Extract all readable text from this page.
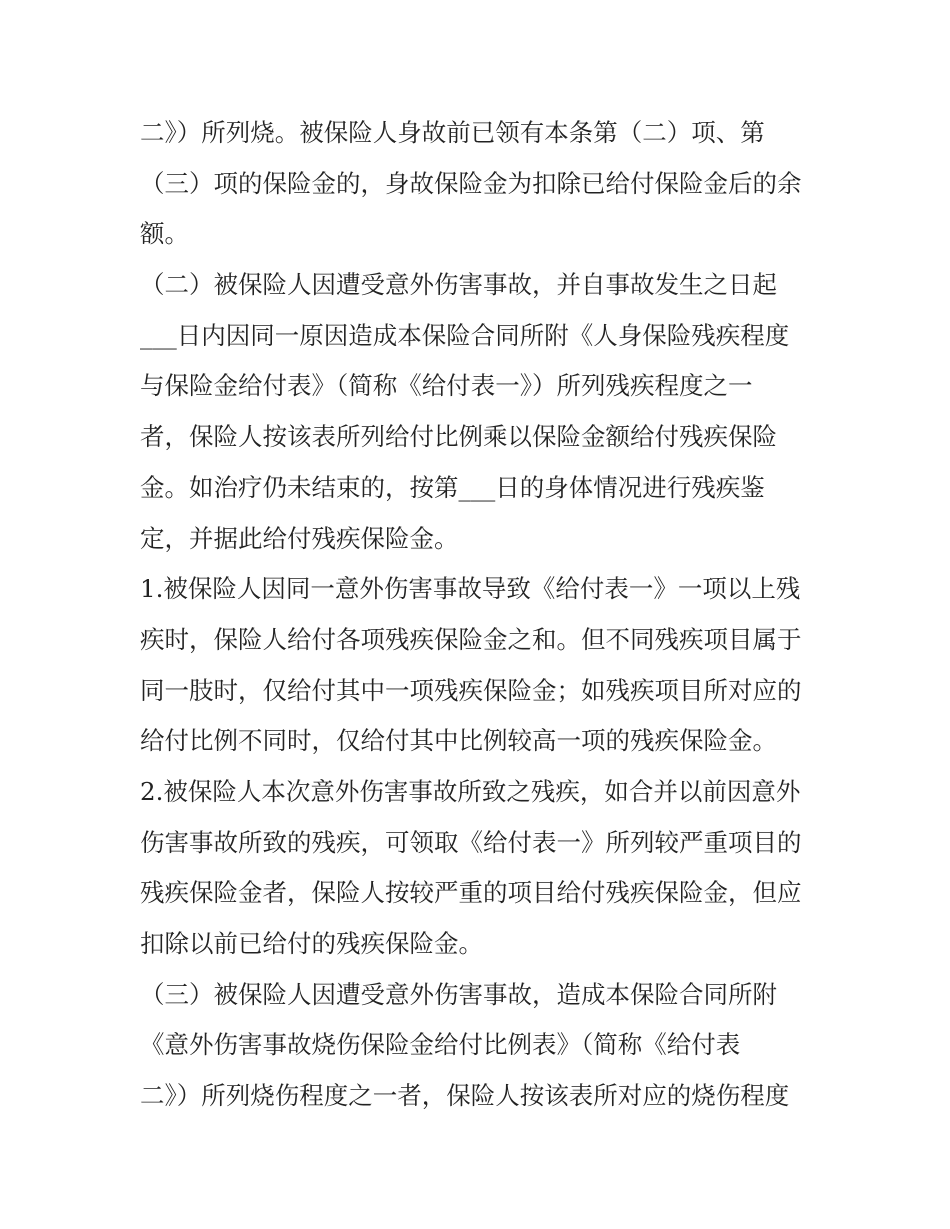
二》）所列烧。被保险人身故前已领有本条第（二）项、第
（三）项的保险金的，身故保险金为扣除已给付保险金后的余
额。
（二）被保险人因遭受意外伤害事故，并自事故发生之日起
___日内因同一原因造成本保险合同所附《人身保险残疾程度
与保险金给付表》（简称《给付表一》）所列残疾程度之一
者，保险人按该表所列给付比例乘以保险金额给付残疾保险
金。如治疗仍未结束的，按第___日的身体情况进行残疾鉴
定，并据此给付残疾保险金。
1.被保险人因同一意外伤害事故导致《给付表一》一项以上残
疾时，保险人给付各项残疾保险金之和。但不同残疾项目属于
同一肢时，仅给付其中一项残疾保险金；如残疾项目所对应的
给付比例不同时，仅给付其中比例较高一项的残疾保险金。
2.被保险人本次意外伤害事故所致之残疾，如合并以前因意外
伤害事故所致的残疾，可领取《给付表一》所列较严重项目的
残疾保险金者，保险人按较严重的项目给付残疾保险金，但应
扣除以前已给付的残疾保险金。
（三）被保险人因遭受意外伤害事故，造成本保险合同所附
《意外伤害事故烧伤保险金给付比例表》（简称《给付表
二》）所列烧伤程度之一者，保险人按该表所对应的烧伤程度
